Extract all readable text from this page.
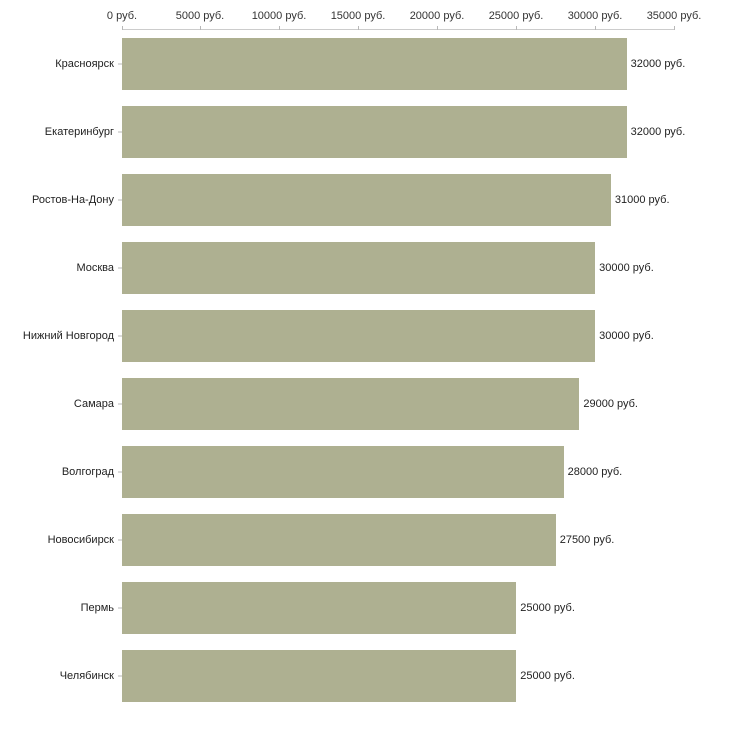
0 руб.	5000 руб. 10000 руб. 15000 руб. 20000 руб. 25000 руб. 30000 руб. 35000 руб.
Красноярск	32000 руб.
Екатеринбург	32000 руб.
Ростов-На-Дону	31000 руб.
Москва	30000 руб.
Нижний Новгород	30000 руб.
Самара	29000 руб.
Волгоград	28000 руб.
Новосибирск	27500 руб.
Пермь	25000 руб.
Челябинск	25000 руб.
